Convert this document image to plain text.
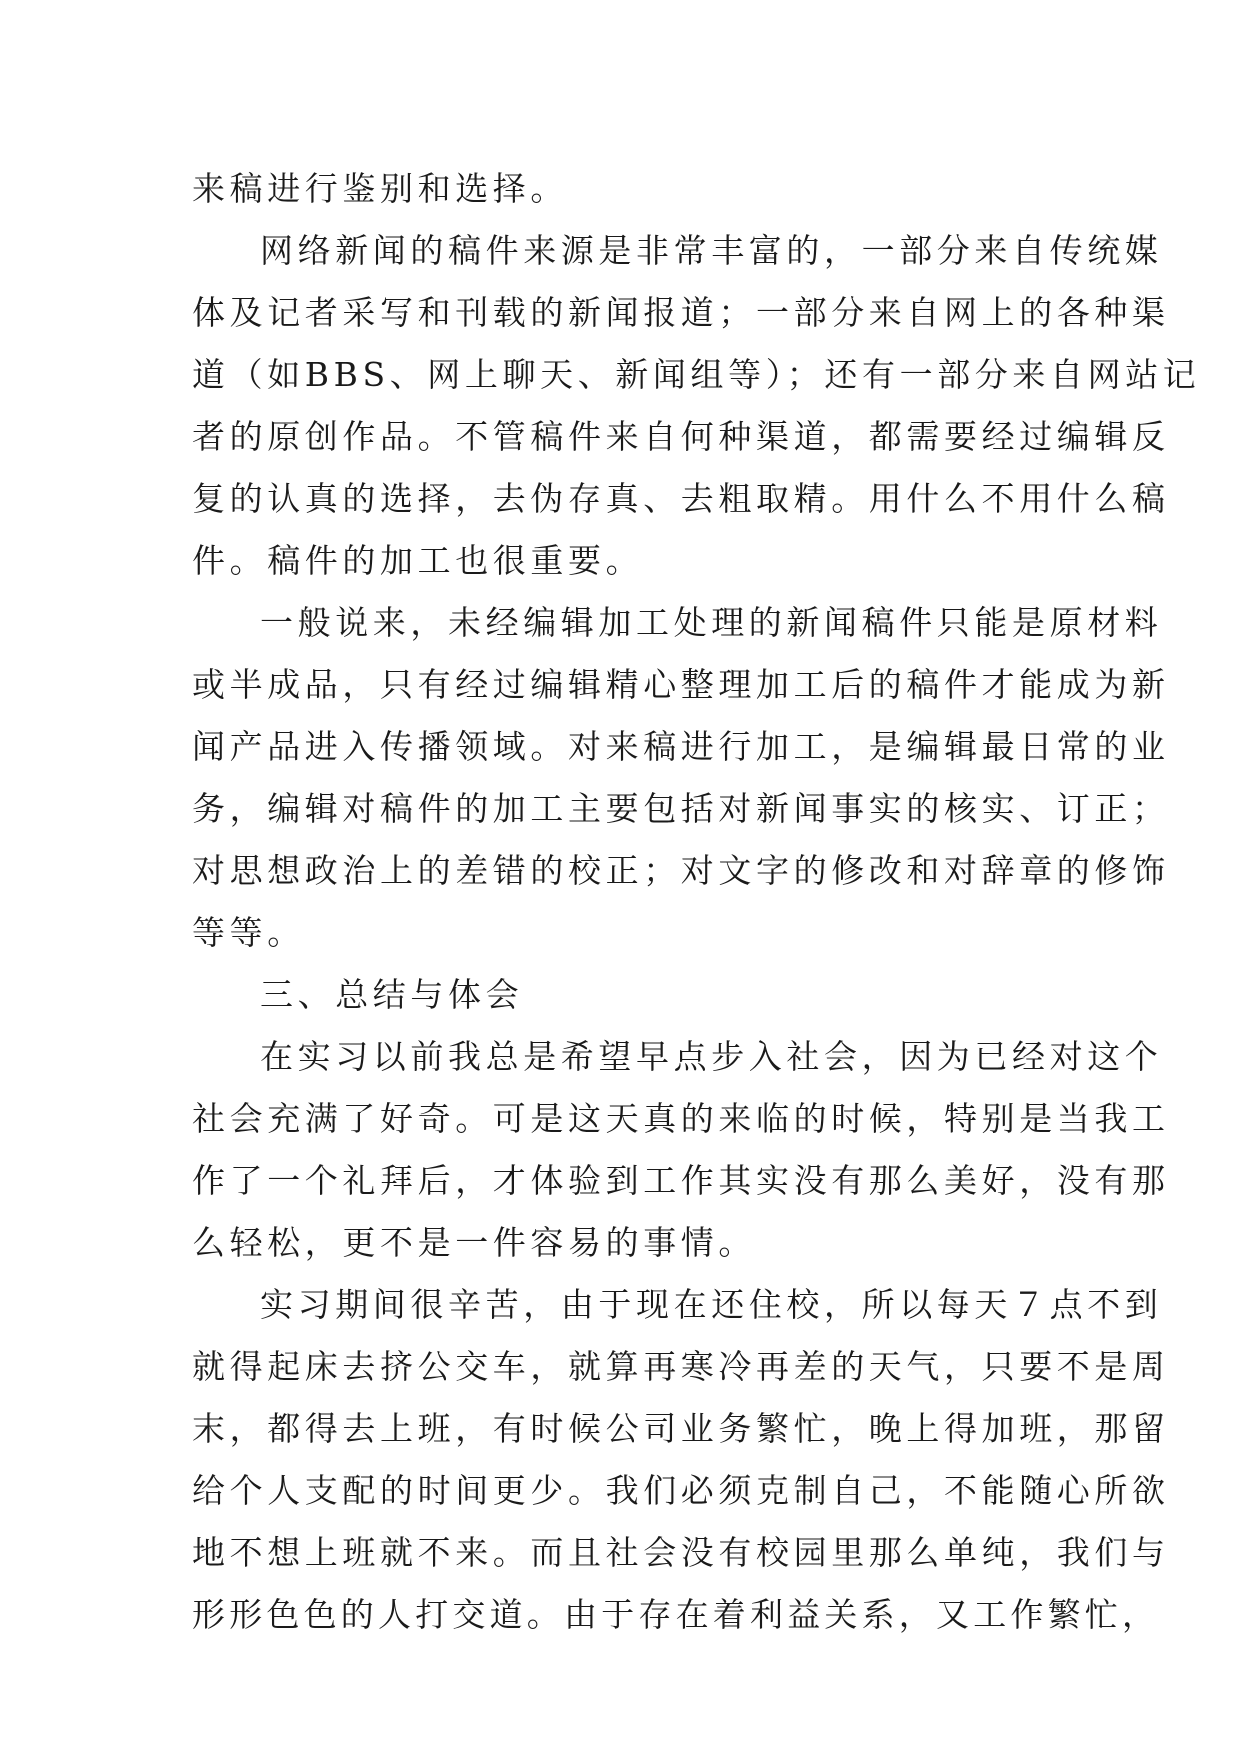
来稿进行鉴别和选择。
网络新闻的稿件来源是非常丰富的，一部分来自传统媒
体及记者采写和刊载的新闻报道；一部分来自网上的各种渠
道（如BBS、网上聊天、新闻组等）；还有一部分来自网站记
者的原创作品。不管稿件来自何种渠道，都需要经过编辑反
复的认真的选择，去伪存真、去粗取精。用什么不用什么稿
件。稿件的加工也很重要。
一般说来，未经编辑加工处理的新闻稿件只能是原材料
或半成品，只有经过编辑精心整理加工后的稿件才能成为新
闻产品进入传播领域。对来稿进行加工，是编辑最日常的业
务，编辑对稿件的加工主要包括对新闻事实的核实、订正；
对思想政治上的差错的校正；对文字的修改和对辞章的修饰
等等。
三、总结与体会
在实习以前我总是希望早点步入社会，因为已经对这个
社会充满了好奇。可是这天真的来临的时候，特别是当我工
作了一个礼拜后，才体验到工作其实没有那么美好，没有那
么轻松，更不是一件容易的事情。
实习期间很辛苦，由于现在还住校，所以每天７点不到
就得起床去挤公交车，就算再寒冷再差的天气，只要不是周
末，都得去上班，有时候公司业务繁忙，晚上得加班，那留
给个人支配的时间更少。我们必须克制自己，不能随心所欲
地不想上班就不来。而且社会没有校园里那么单纯，我们与
形形色色的人打交道。由于存在着利益关系，又工作繁忙，
